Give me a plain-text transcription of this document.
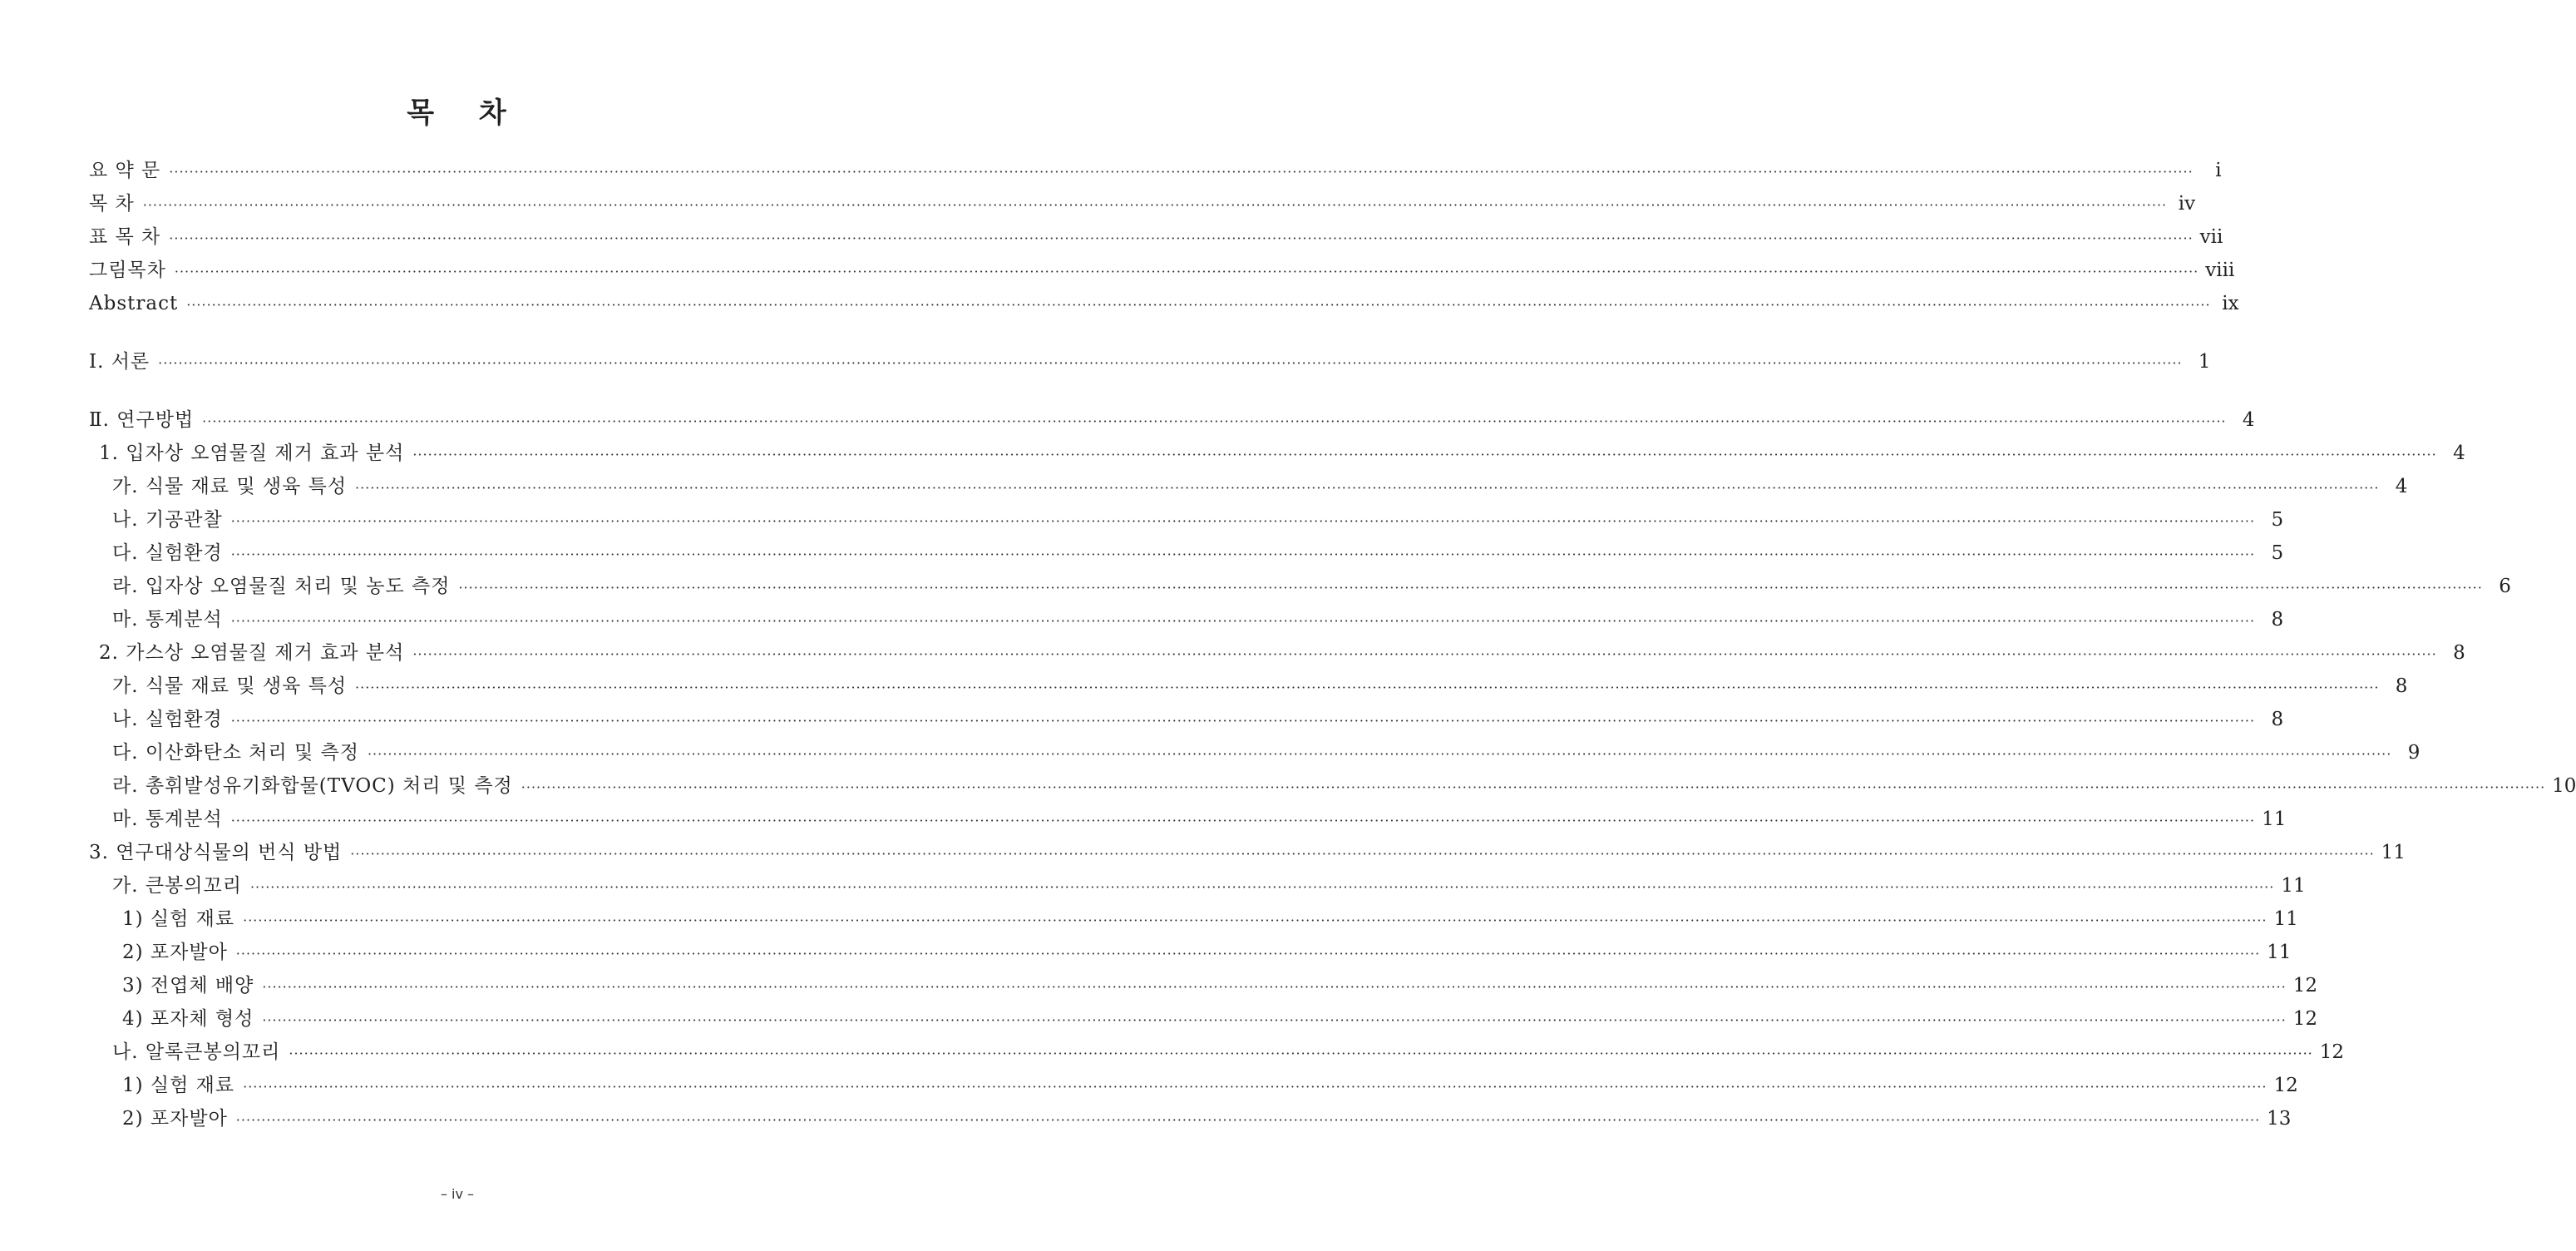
목 차
요 약 문 ················································································································································································································································································································································································································	i
목 차 ················································································································································································································································································································································································································ iv
표 목 차 ················································································································································································································································································································································································································ vii
그림목차 ················································································································································································································································································································································································································ viii
Abstract ················································································································································································································································································································································································································ ix
Ⅰ. 서론 ················································································································································································································································································································································································································ 1
Ⅱ. 연구방법 ················································································································································································································································································································································································································ 4
1. 입자상 오염물질 제거 효과 분석 ················································································································································································································································································································································································································ 4
가. 식물 재료 및 생육 특성 ················································································································································································································································································································································································································ 4
나. 기공관찰 ················································································································································································································································································································································································································ 5
다. 실험환경 ················································································································································································································································································································································································································ 5
라. 입자상 오염물질 처리 및 농도 측정 ················································································································································································································································································································································································································ 6
마. 통계분석 ················································································································································································································································································································································································································ 8
2. 가스상 오염물질 제거 효과 분석 ················································································································································································································································································································································································································ 8
가. 식물 재료 및 생육 특성 ················································································································································································································································································································································································································ 8
나. 실험환경 ················································································································································································································································································································································································································ 8
다. 이산화탄소 처리 및 측정 ················································································································································································································································································································································································································ 9
라. 총휘발성유기화합물(TVOC) 처리 및 측정 ················································································································································································································································································································································································································ 10
마. 통계분석 ················································································································································································································································································································································································································ 11
3. 연구대상식물의 번식 방법 ················································································································································································································································································································································································································ 11
가. 큰봉의꼬리 ················································································································································································································································································································································································································ 11
1) 실험 재료 ················································································································································································································································································································································································································ 11
2) 포자발아 ················································································································································································································································································································································································································ 11
3) 전엽체 배양 ················································································································································································································································································································································································································ 12
4) 포자체 형성 ················································································································································································································································································································································································································ 12
나. 알록큰봉의꼬리 ················································································································································································································································································································································································································ 12
1) 실험 재료 ················································································································································································································································································································································································································ 12
2) 포자발아 ················································································································································································································································································································································································································ 13
– iv –
